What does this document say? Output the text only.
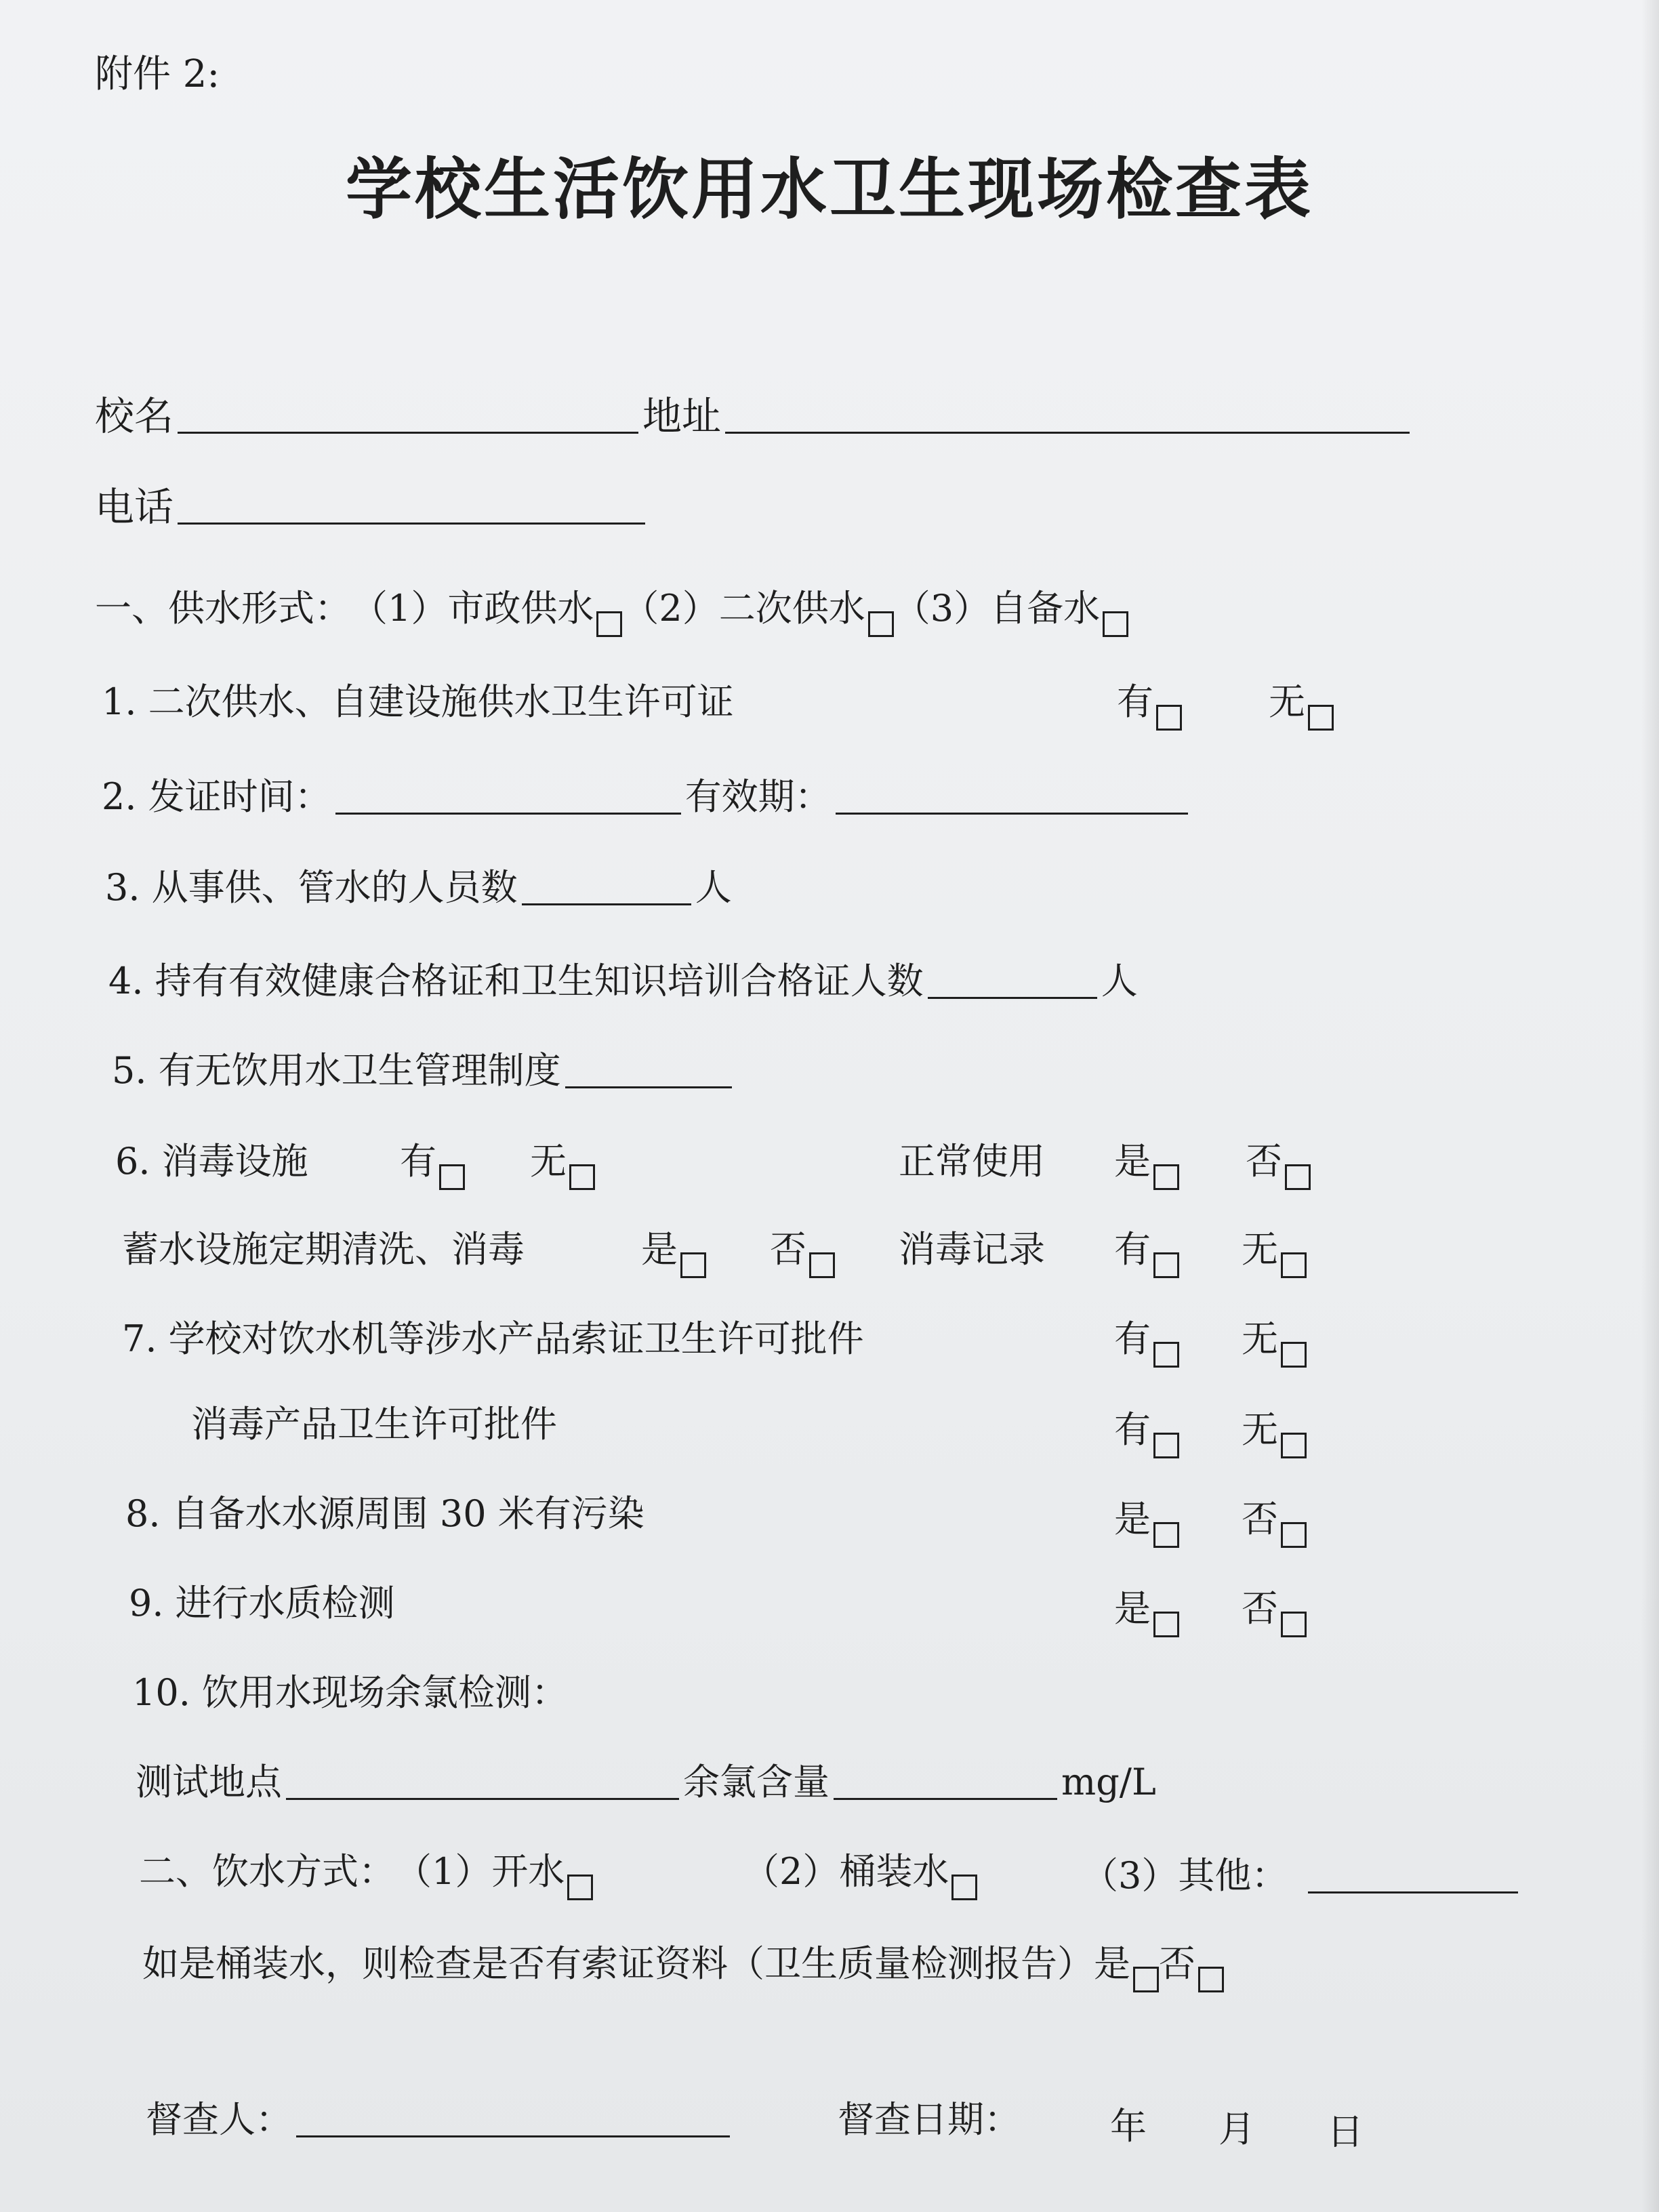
附件 2:
学校生活饮用水卫生现场检查表
校名	地址
电话
一、供水形式：（1）市政供水 （2）二次供水 （3）自备水
1. 二次供水、自建设施供水卫生许可证	有	无
2. 发证时间：	有效期：
3. 从事供、管水的人员数	人
4. 持有有效健康合格证和卫生知识培训合格证人数	人
5. 有无饮用水卫生管理制度
6. 消毒设施	有	无	正常使用 是	否
蓄水设施定期清洗、消毒	是	否	消毒记录 有	无
7. 学校对饮水机等涉水产品索证卫生许可批件	有	无
消毒产品卫生许可批件	有	无
8. 自备水水源周围 30 米有污染	是	否
9. 进行水质检测	是	否
10. 饮用水现场余氯检测：
测试地点	余氯含量	mg/L
二、饮水方式：（1）开水	（2）桶装水	（3）其他：
如是桶装水，则检查是否有索证资料（卫生质量检测报告）是 否
督查人：	督查日期： 年 月 日
